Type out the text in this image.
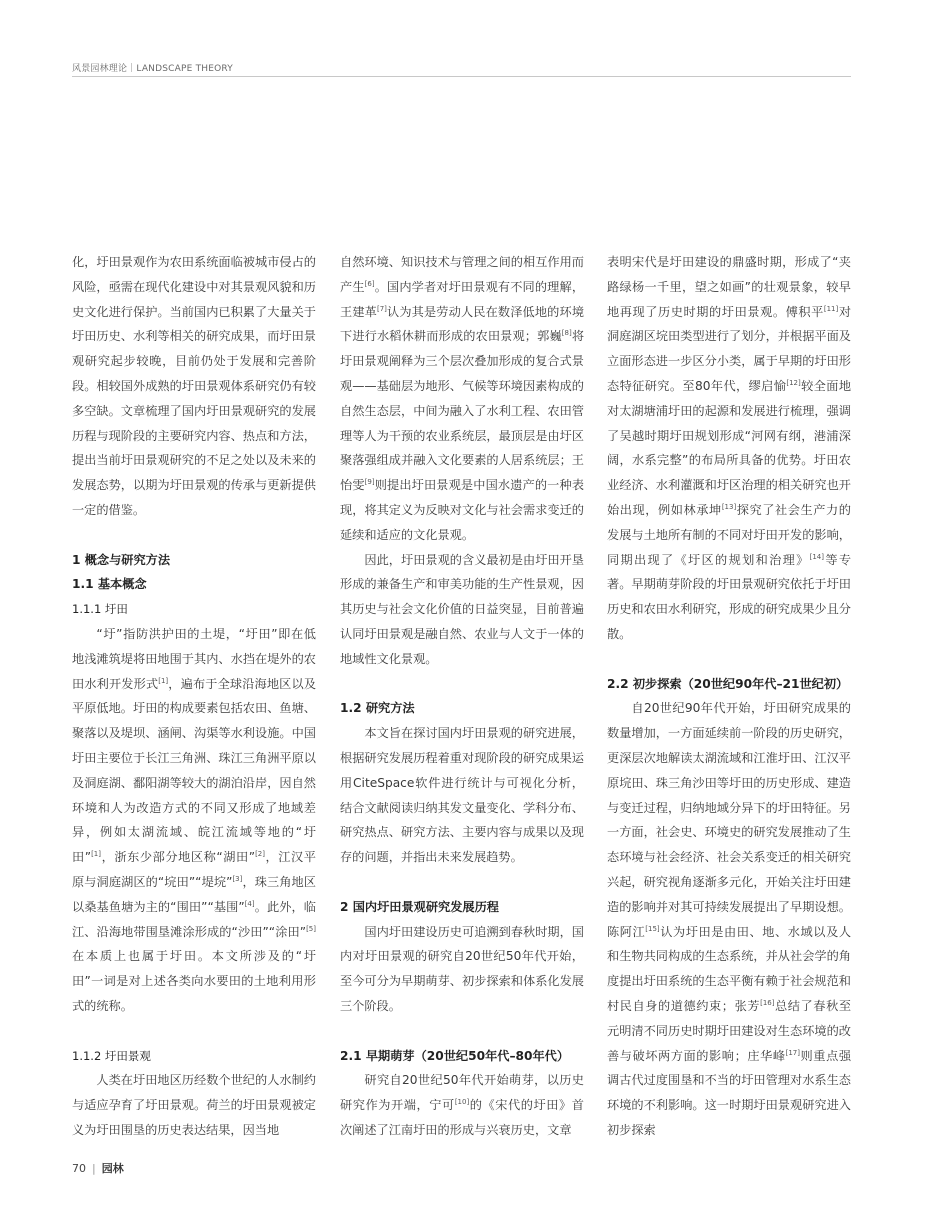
风景园林理论｜LANDSCAPE THEORY

化，圩田景观作为农田系统面临被城市侵占的风险，亟需在现代化建设中对其景观风貌和历史文化进行保护。当前国内已积累了大量关于圩田历史、水利等相关的研究成果，而圩田景观研究起步较晚，目前仍处于发展和完善阶段。相较国外成熟的圩田景观体系研究仍有较多空缺。文章梳理了国内圩田景观研究的发展历程与现阶段的主要研究内容、热点和方法，提出当前圩田景观研究的不足之处以及未来的发展态势，以期为圩田景观的传承与更新提供一定的借鉴。

1 概念与研究方法

1.1 基本概念

1.1.1 圩田

“圩”指防洪护田的土堤，“圩田”即在低地浅滩筑堤将田地围于其内、水挡在堤外的农田水利开发形式[1]，遍布于全球沿海地区以及平原低地。圩田的构成要素包括农田、鱼塘、聚落以及堤坝、涵闸、沟渠等水利设施。中国圩田主要位于长江三角洲、珠江三角洲平原以及洞庭湖、鄱阳湖等较大的湖泊沿岸，因自然环境和人为改造方式的不同又形成了地域差异，例如太湖流域、皖江流域等地的“圩田”[1]，浙东少部分地区称“湖田”[2]，江汉平原与洞庭湖区的“垸田”“堤垸”[3]，珠三角地区以桑基鱼塘为主的“围田”“基围”[4]。此外，临江、沿海地带围垦滩涂形成的“沙田”“涂田”[5]在本质上也属于圩田。本文所涉及的“圩田”一词是对上述各类向水要田的土地利用形式的统称。

1.1.2 圩田景观

人类在圩田地区历经数个世纪的人水制约与适应孕育了圩田景观。荷兰的圩田景观被定义为圩田围垦的历史表达结果，因当地

自然环境、知识技术与管理之间的相互作用而产生[6]。国内学者对圩田景观有不同的理解，王建革[7]认为其是劳动人民在数泽低地的环境下进行水稻休耕而形成的农田景观；郭巍[8]将圩田景观阐释为三个层次叠加形成的复合式景观——基础层为地形、气候等环境因素构成的自然生态层，中间为融入了水利工程、农田管理等人为干预的农业系统层，最顶层是由圩区聚落强组成并融入文化要素的人居系统层；王怡雯[9]则提出圩田景观是中国水遗产的一种表现，将其定义为反映对文化与社会需求变迁的延续和适应的文化景观。

因此，圩田景观的含义最初是由圩田开垦形成的兼备生产和审美功能的生产性景观，因其历史与社会文化价值的日益突显，目前普遍认同圩田景观是融自然、农业与人文于一体的地域性文化景观。

1.2 研究方法

本文旨在探讨国内圩田景观的研究进展，根据研究发展历程着重对现阶段的研究成果运用CiteSpace软件进行统计与可视化分析，结合文献阅读归纳其发文量变化、学科分布、研究热点、研究方法、主要内容与成果以及现存的问题，并指出未来发展趋势。

2 国内圩田景观研究发展历程

国内圩田建设历史可追溯到春秋时期，国内对圩田景观的研究自20世纪50年代开始，至今可分为早期萌芽、初步探索和体系化发展三个阶段。

2.1 早期萌芽（20世纪50年代–80年代）

研究自20世纪50年代开始萌芽，以历史研究作为开端，宁可[10]的《宋代的圩田》首次阐述了江南圩田的形成与兴衰历史，文章

表明宋代是圩田建设的鼎盛时期，形成了“夹路绿杨一千里，望之如画”的壮观景象，较早地再现了历史时期的圩田景观。傅积平[11]对洞庭湖区垸田类型进行了划分，并根据平面及立面形态进一步区分小类，属于早期的圩田形态特征研究。至80年代，缪启愉[12]较全面地对太湖塘浦圩田的起源和发展进行梳理，强调了吴越时期圩田规划形成“河网有纲，港浦深阔，水系完整”的布局所具备的优势。圩田农业经济、水利灌溉和圩区治理的相关研究也开始出现，例如林承坤[13]探究了社会生产力的发展与土地所有制的不同对圩田开发的影响，同期出现了《圩区的规划和治理》[14]等专著。早期萌芽阶段的圩田景观研究依托于圩田历史和农田水利研究，形成的研究成果少且分散。

2.2 初步探索（20世纪90年代–21世纪初）

自20世纪90年代开始，圩田研究成果的数量增加，一方面延续前一阶段的历史研究，更深层次地解读太湖流域和江淮圩田、江汉平原垸田、珠三角沙田等圩田的历史形成、建造与变迁过程，归纳地域分异下的圩田特征。另一方面，社会史、环境史的研究发展推动了生态环境与社会经济、社会关系变迁的相关研究兴起，研究视角逐渐多元化，开始关注圩田建造的影响并对其可持续发展提出了早期设想。陈阿江[15]认为圩田是由田、地、水域以及人和生物共同构成的生态系统，并从社会学的角度提出圩田系统的生态平衡有赖于社会规范和村民自身的道德约束；张芳[16]总结了春秋至元明清不同历史时期圩田建设对生态环境的改善与破坏两方面的影响；庄华峰[17]则重点强调古代过度围垦和不当的圩田管理对水系生态环境的不利影响。这一时期圩田景观研究进入初步探索

70 | 园林
